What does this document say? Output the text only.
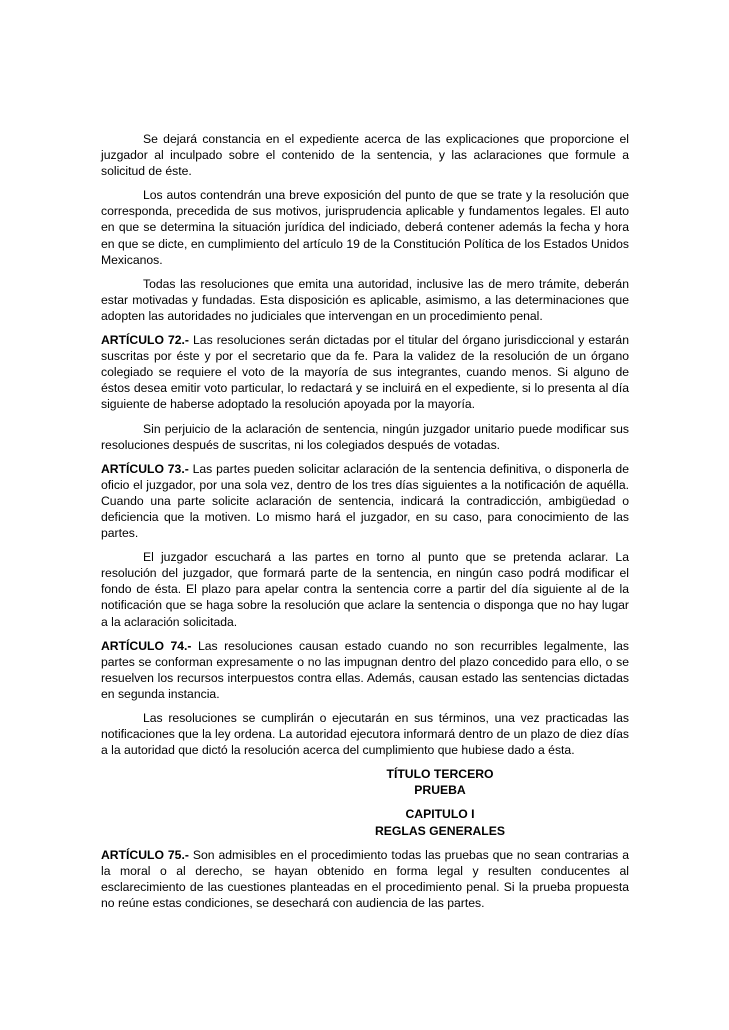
Se dejará constancia en el expediente acerca de las explicaciones que proporcione el juzgador al inculpado sobre el contenido de la sentencia, y las aclaraciones que formule a solicitud de éste.

Los autos contendrán una breve exposición del punto de que se trate y la resolución que corresponda, precedida de sus motivos, jurisprudencia aplicable y fundamentos legales. El auto en que se determina la situación jurídica del indiciado, deberá contener además la fecha y hora en que se dicte, en cumplimiento del artículo 19 de la Constitución Política de los Estados Unidos Mexicanos.

Todas las resoluciones que emita una autoridad, inclusive las de mero trámite, deberán estar motivadas y fundadas. Esta disposición es aplicable, asimismo, a las determinaciones que adopten las autoridades no judiciales que intervengan en un procedimiento penal.

ARTÍCULO 72.- Las resoluciones serán dictadas por el titular del órgano jurisdiccional y estarán suscritas por éste y por el secretario que da fe. Para la validez de la resolución de un órgano colegiado se requiere el voto de la mayoría de sus integrantes, cuando menos. Si alguno de éstos desea emitir voto particular, lo redactará y se incluirá en el expediente, si lo presenta al día siguiente de haberse adoptado la resolución apoyada por la mayoría.

Sin perjuicio de la aclaración de sentencia, ningún juzgador unitario puede modificar sus resoluciones después de suscritas, ni los colegiados después de votadas.

ARTÍCULO 73.- Las partes pueden solicitar aclaración de la sentencia definitiva, o disponerla de oficio el juzgador, por una sola vez, dentro de los tres días siguientes a la notificación de aquélla. Cuando una parte solicite aclaración de sentencia, indicará la contradicción, ambigüedad o deficiencia que la motiven. Lo mismo hará el juzgador, en su caso, para conocimiento de las partes.

El juzgador escuchará a las partes en torno al punto que se pretenda aclarar. La resolución del juzgador, que formará parte de la sentencia, en ningún caso podrá modificar el fondo de ésta. El plazo para apelar contra la sentencia corre a partir del día siguiente al de la notificación que se haga sobre la resolución que aclare la sentencia o disponga que no hay lugar a la aclaración solicitada.

ARTÍCULO 74.- Las resoluciones causan estado cuando no son recurribles legalmente, las partes se conforman expresamente o no las impugnan dentro del plazo concedido para ello, o se resuelven los recursos interpuestos contra ellas. Además, causan estado las sentencias dictadas en segunda instancia.

Las resoluciones se cumplirán o ejecutarán en sus términos, una vez practicadas las notificaciones que la ley ordena. La autoridad ejecutora informará dentro de un plazo de diez días a la autoridad que dictó la resolución acerca del cumplimiento que hubiese dado a ésta.

TÍTULO TERCERO
PRUEBA
CAPITULO I
REGLAS GENERALES

ARTÍCULO 75.- Son admisibles en el procedimiento todas las pruebas que no sean contrarias a la moral o al derecho, se hayan obtenido en forma legal y resulten conducentes al esclarecimiento de las cuestiones planteadas en el procedimiento penal. Si la prueba propuesta no reúne estas condiciones, se desechará con audiencia de las partes.
